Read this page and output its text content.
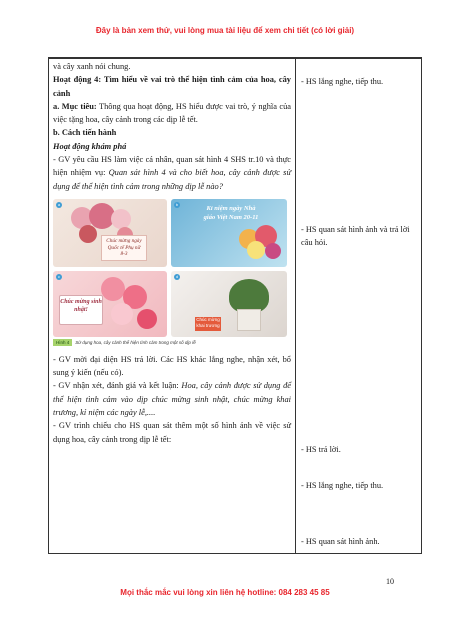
Đây là bản xem thử, vui lòng mua tài liệu để xem chi tiết (có lời giải)

và cây xanh nói chung.

Hoạt động 4: Tìm hiểu về vai trò thể hiện tình cảm của hoa, cây cảnh

a. Mục tiêu: Thông qua hoạt động, HS hiểu được vai trò, ý nghĩa của việc tặng hoa, cây cảnh trong các dịp lễ tết.

b. Cách tiến hành

Hoạt động khám phá

- GV yêu cầu HS làm việc cá nhân, quan sát hình 4 SHS tr.10 và thực hiện nhiệm vụ: Quan sát hình 4 và cho biết hoa, cây cảnh được sử dụng để thể hiện tình cảm trong những dịp lễ nào?

Chúc mừng ngày Quốc tế Phụ nữ 8-3
a
Kỉ niệm ngày Nhà giáo Việt Nam 20-11
b
Chúc mừng sinh nhật!
c
Chúc mừng khai trương
d
Hình 4 Sử dụng hoa, cây cảnh thể hiện tình cảm trong một số dịp lễ

- GV mời đại diện HS trả lời. Các HS khác lắng nghe, nhận xét, bổ sung ý kiến (nếu có).

- GV nhận xét, đánh giá và kết luận: Hoa, cây cảnh được sử dụng để thể hiện tình cảm vào dịp chúc mừng sinh nhật, chúc mừng khai trương, kỉ niệm các ngày lễ,....

- GV trình chiếu cho HS quan sát thêm một số hình ảnh về việc sử dụng hoa, cây cảnh trong dịp lễ tết:

- HS lắng nghe, tiếp thu.
- HS quan sát hình ảnh và trả lời câu hỏi.
- HS trả lời.
- HS lắng nghe, tiếp thu.
- HS quan sát hình ảnh.
10
Mọi thắc mắc vui lòng xin liên hệ hotline: 084 283 45 85
